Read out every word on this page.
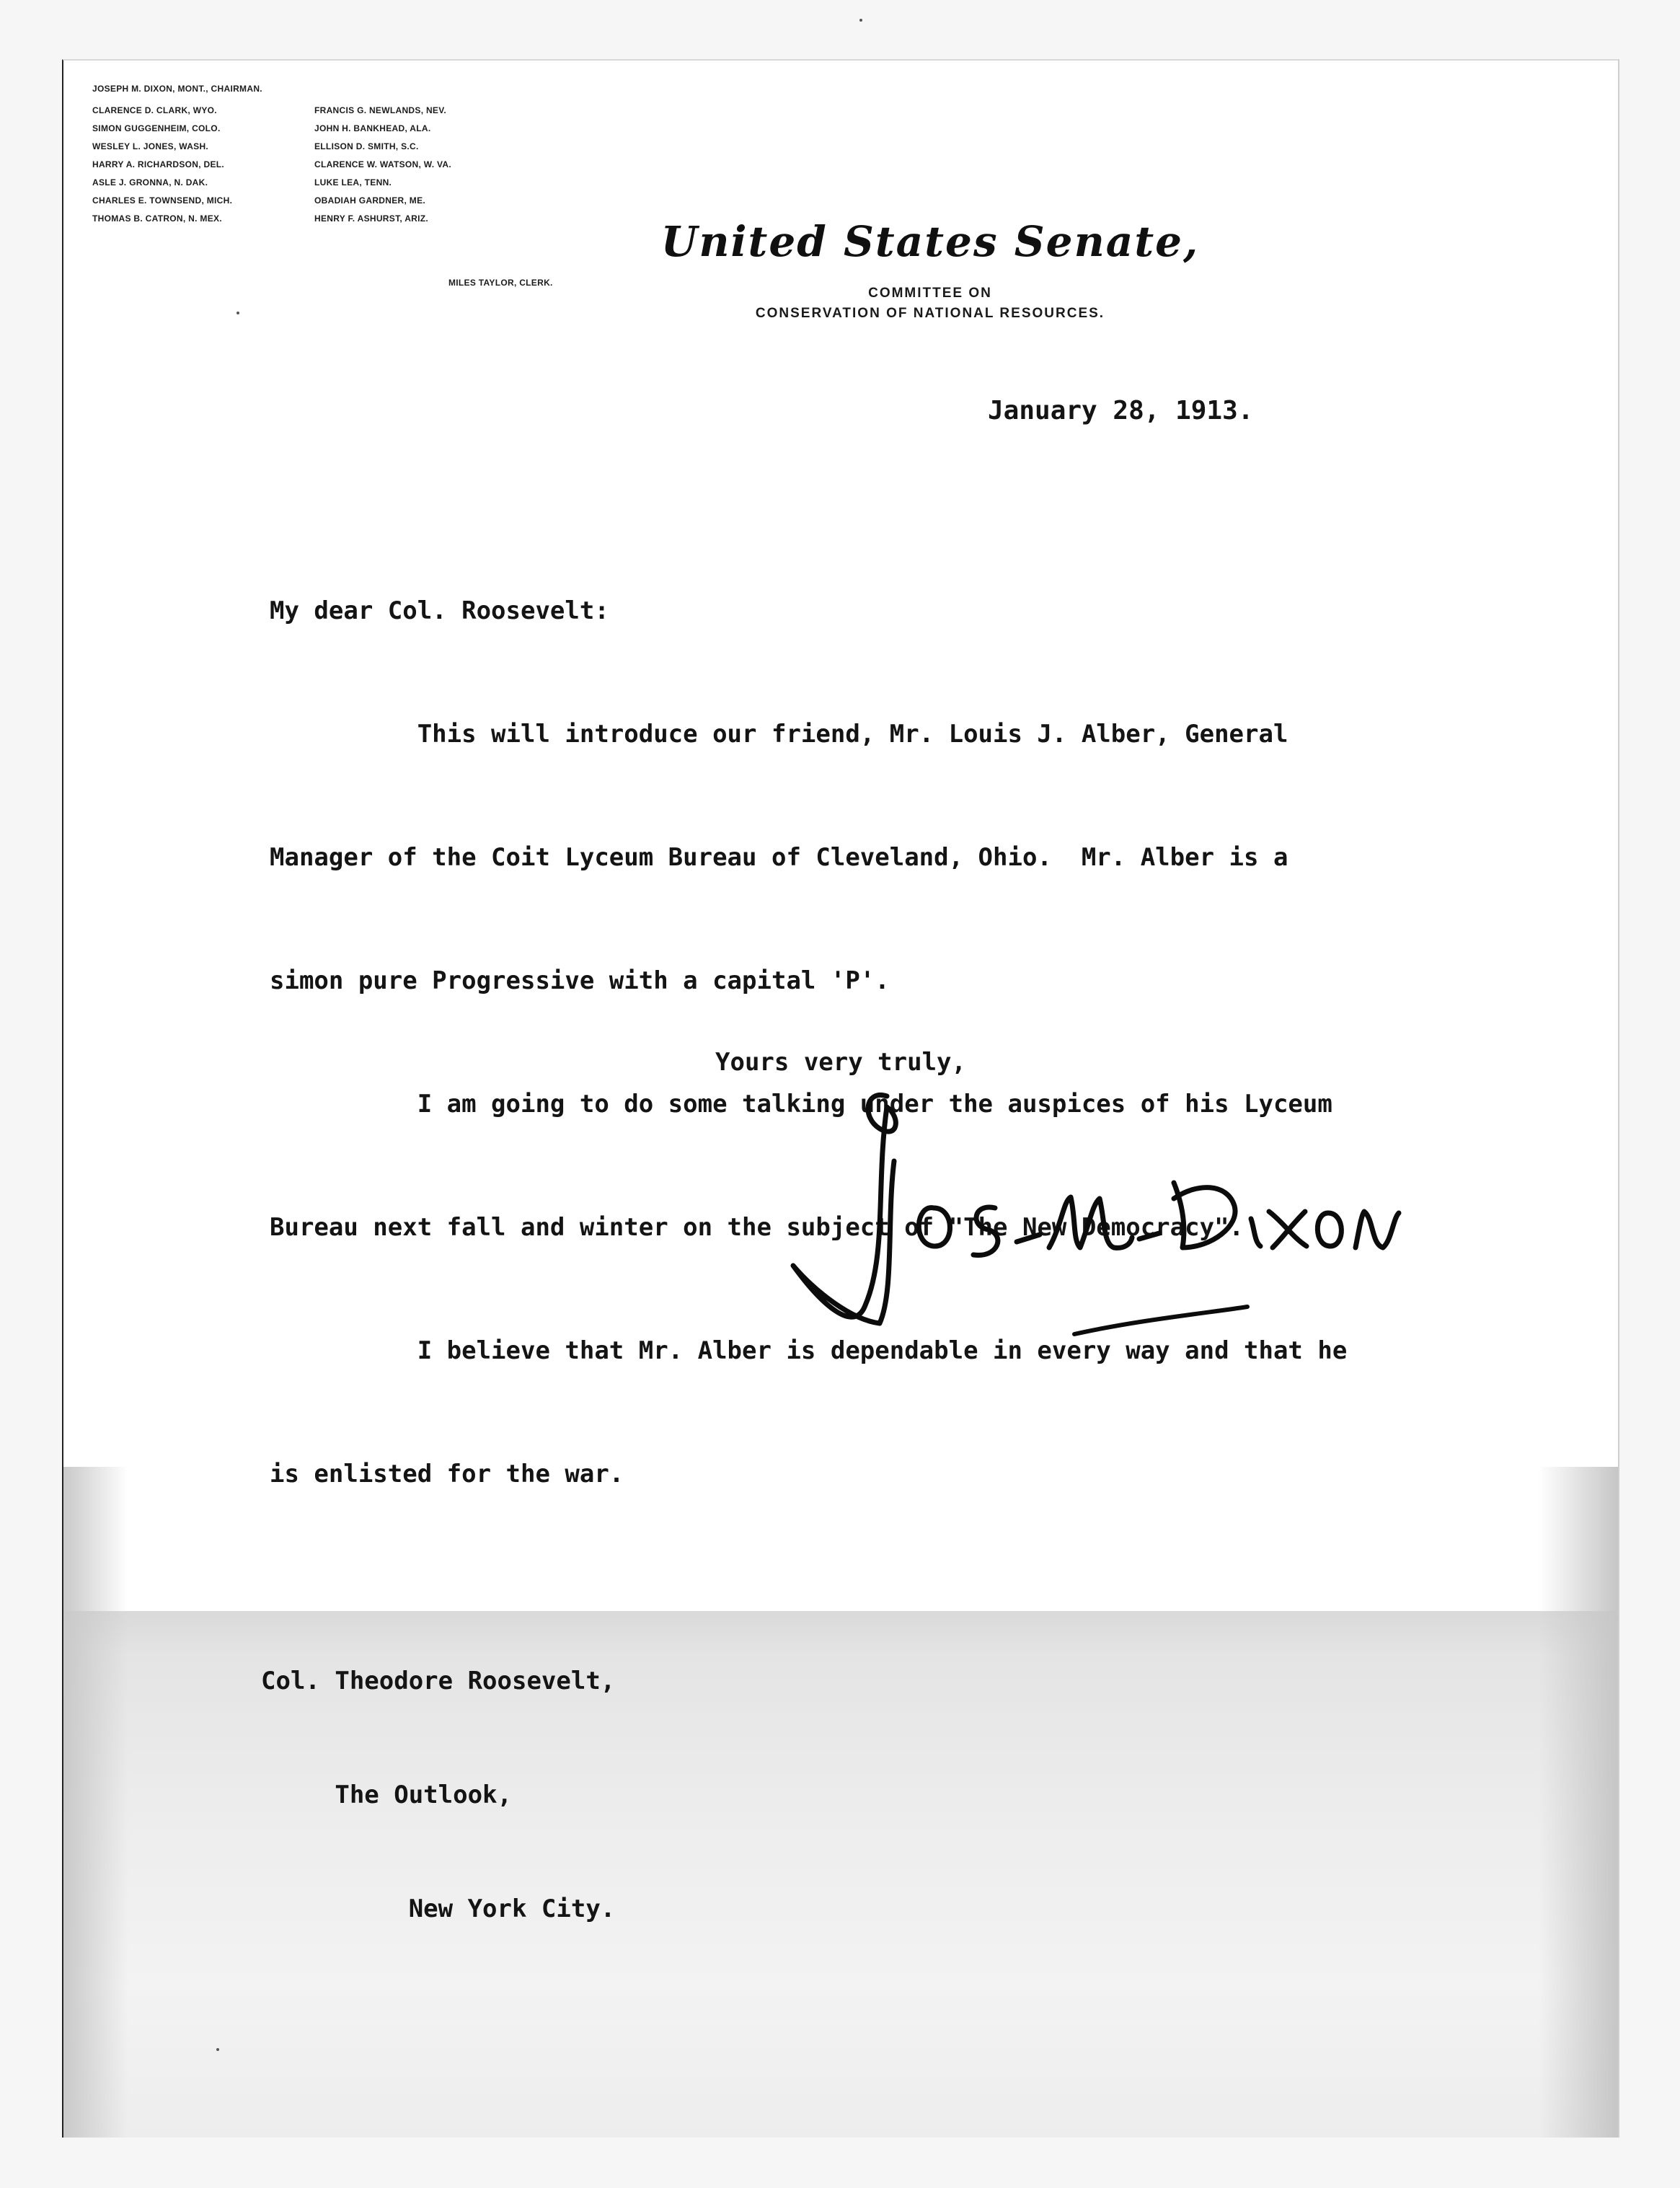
JOSEPH M. DIXON, MONT., CHAIRMAN.
CLARENCE D. CLARK, WYO.
SIMON GUGGENHEIM, COLO.
WESLEY L. JONES, WASH.
HARRY A. RICHARDSON, DEL.
ASLE J. GRONNA, N. DAK.
CHARLES E. TOWNSEND, MICH.
THOMAS B. CATRON, N. MEX.
FRANCIS G. NEWLANDS, NEV.
JOHN H. BANKHEAD, ALA.
ELLISON D. SMITH, S.C.
CLARENCE W. WATSON, W. VA.
LUKE LEA, TENN.
OBADIAH GARDNER, ME.
HENRY F. ASHURST, ARIZ.
MILES TAYLOR, CLERK.
United States Senate,
COMMITTEE ON
CONSERVATION OF NATIONAL RESOURCES.
January 28, 1913.

My dear Col. Roosevelt:

This will introduce our friend, Mr. Louis J. Alber, General

Manager of the Coit Lyceum Bureau of Cleveland, Ohio.  Mr. Alber is a

simon pure Progressive with a capital 'P'.

I am going to do some talking under the auspices of his Lyceum

Bureau next fall and winter on the subject of "The New Democracy".

I believe that Mr. Alber is dependable in every way and that he

is enlisted for the war.

Yours very truly,

Col. Theodore Roosevelt,

The Outlook,

New York City.
